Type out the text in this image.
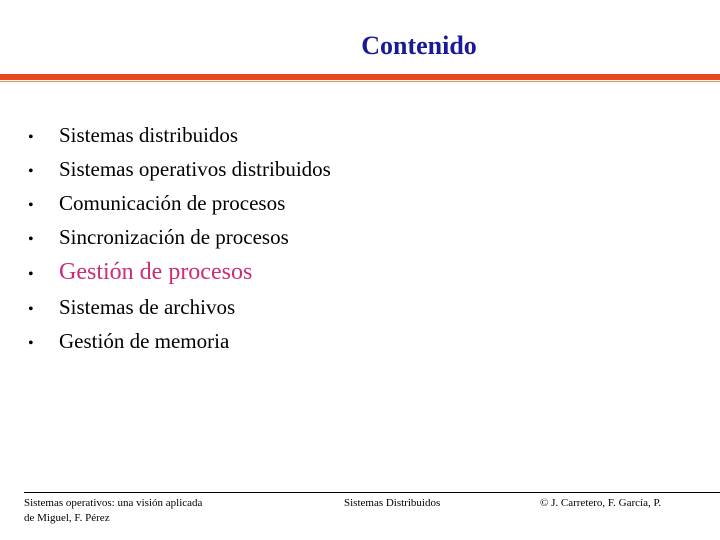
Contenido
•	Sistemas distribuidos
•	Sistemas operativos distribuidos
•	Comunicación de procesos
•	Sincronización de procesos
•	Gestión de procesos
•	Sistemas de archivos
•	Gestión de memoria
Sistemas operativos: una visión aplicada
de Miguel, F. Pérez
Sistemas Distribuidos	© J. Carretero, F. García, P.
